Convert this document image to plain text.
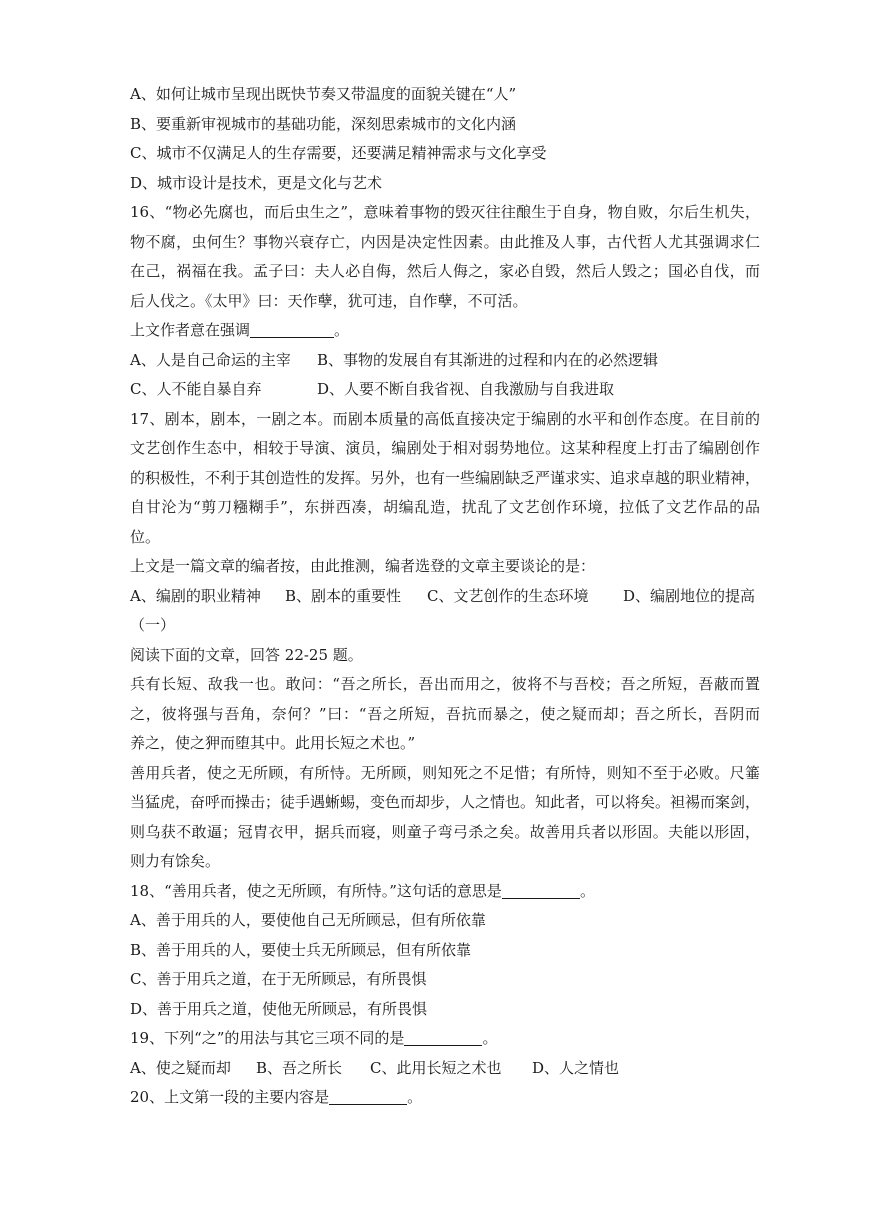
A、如何让城市呈现出既快节奏又带温度的面貌关键在“人”
B、要重新审视城市的基础功能，深刻思索城市的文化内涵
C、城市不仅满足人的生存需要，还要满足精神需求与文化享受
D、城市设计是技术，更是文化与艺术
16、“物必先腐也，而后虫生之”，意味着事物的毁灭往往酿生于自身，物自败，尔后生机失，
物不腐，虫何生？事物兴衰存亡，内因是决定性因素。由此推及人事，古代哲人尤其强调求仁
在己，祸福在我。孟子曰：夫人必自侮，然后人侮之，家必自毁，然后人毁之；国必自伐，而
后人伐之。《太甲》曰：天作孽，犹可违，自作孽，不可活。
上文作者意在强调	。
A、人是自己命运的主宰 B、事物的发展自有其渐进的过程和内在的必然逻辑
C、人不能自暴自弃	D、人要不断自我省视、自我激励与自我进取
17、剧本，剧本，一剧之本。而剧本质量的高低直接决定于编剧的水平和创作态度。在目前的
文艺创作生态中，相较于导演、演员，编剧处于相对弱势地位。这某种程度上打击了编剧创作
的积极性，不利于其创造性的发挥。另外，也有一些编剧缺乏严谨求实、追求卓越的职业精神，
自甘沦为“剪刀糨糊手”，东拼西凑，胡编乱造，扰乱了文艺创作环境，拉低了文艺作品的品
位。
上文是一篇文章的编者按，由此推测，编者选登的文章主要谈论的是：
A、编剧的职业精神 B、剧本的重要性 C、文艺创作的生态环境 D、编剧地位的提高
（一）
阅读下面的文章，回答 22-25 题。
兵有长短、敌我一也。敢问：“吾之所长，吾出而用之，彼将不与吾校；吾之所短，吾蔽而置
之，彼将强与吾角，奈何？”曰：“吾之所短，吾抗而暴之，使之疑而却；吾之所长，吾阴而
养之，使之狎而堕其中。此用长短之术也。”
善用兵者，使之无所顾，有所恃。无所顾，则知死之不足惜；有所恃，则知不至于必败。尺箠
当猛虎，奋呼而操击；徒手遇蜥蜴，变色而却步，人之情也。知此者，可以将矣。袒裼而案剑，
则乌获不敢逼；冠胄衣甲，据兵而寝，则童子弯弓杀之矣。故善用兵者以形固。夫能以形固，
则力有馀矣。
18、“善用兵者，使之无所顾，有所恃。”这句话的意思是	。
A、善于用兵的人，要使他自己无所顾忌，但有所依靠
B、善于用兵的人，要使士兵无所顾忌，但有所依靠
C、善于用兵之道，在于无所顾忌，有所畏惧
D、善于用兵之道，使他无所顾忌，有所畏惧
19、下列“之”的用法与其它三项不同的是	。
A、使之疑而却 B、吾之所长 C、此用长短之术也 D、人之情也
20、上文第一段的主要内容是	。
